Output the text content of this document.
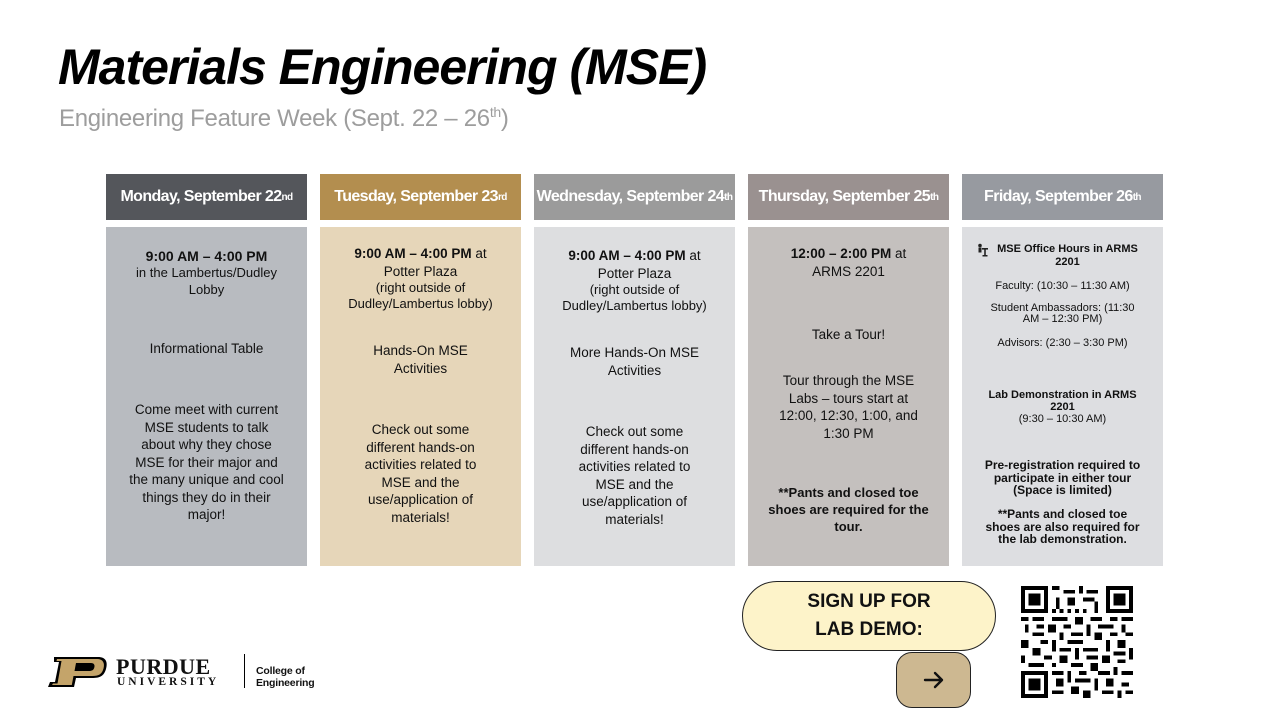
Materials Engineering (MSE)
Engineering Feature Week (Sept. 22 – 26th)
Monday, September 22 nd
9:00 AM – 4:00 PM
in the Lambertus/Dudley Lobby
Informational Table
Come meet with current MSE students to talk about why they chose MSE for their major and the many unique and cool things they do in their major!
Tuesday, September 23 rd
9:00 AM – 4:00 PM at
Potter Plaza
(right outside of Dudley/Lambertus lobby)
Hands-On MSE Activities
Check out some different hands-on activities related to MSE and the use/application of materials!
Wednesday, September 24 th
9:00 AM – 4:00 PM at
Potter Plaza
(right outside of Dudley/Lambertus lobby)
More Hands-On MSE Activities
Check out some different hands-on activities related to MSE and the use/application of materials!
Thursday, September 25 th
12:00 – 2:00 PM at
ARMS 2201
Take a Tour!
Tour through the MSE Labs – tours start at 12:00, 12:30, 1:00, and 1:30 PM
**Pants and closed toe shoes are required for the tour.
Friday, September 26 th
MSE Office Hours in ARMS 2201
Faculty: (10:30 – 11:30 AM)
Student Ambassadors: (11:30 AM – 12:30 PM)
Advisors: (2:30 – 3:30 PM)
Lab Demonstration in ARMS 2201
(9:30 – 10:30 AM)
Pre-registration required to participate in either tour (Space is limited)
**Pants and closed toe shoes are also required for the lab demonstration.
SIGN UP FOR
LAB DEMO:
PURDUE
UNIVERSITY
College of Engineering
